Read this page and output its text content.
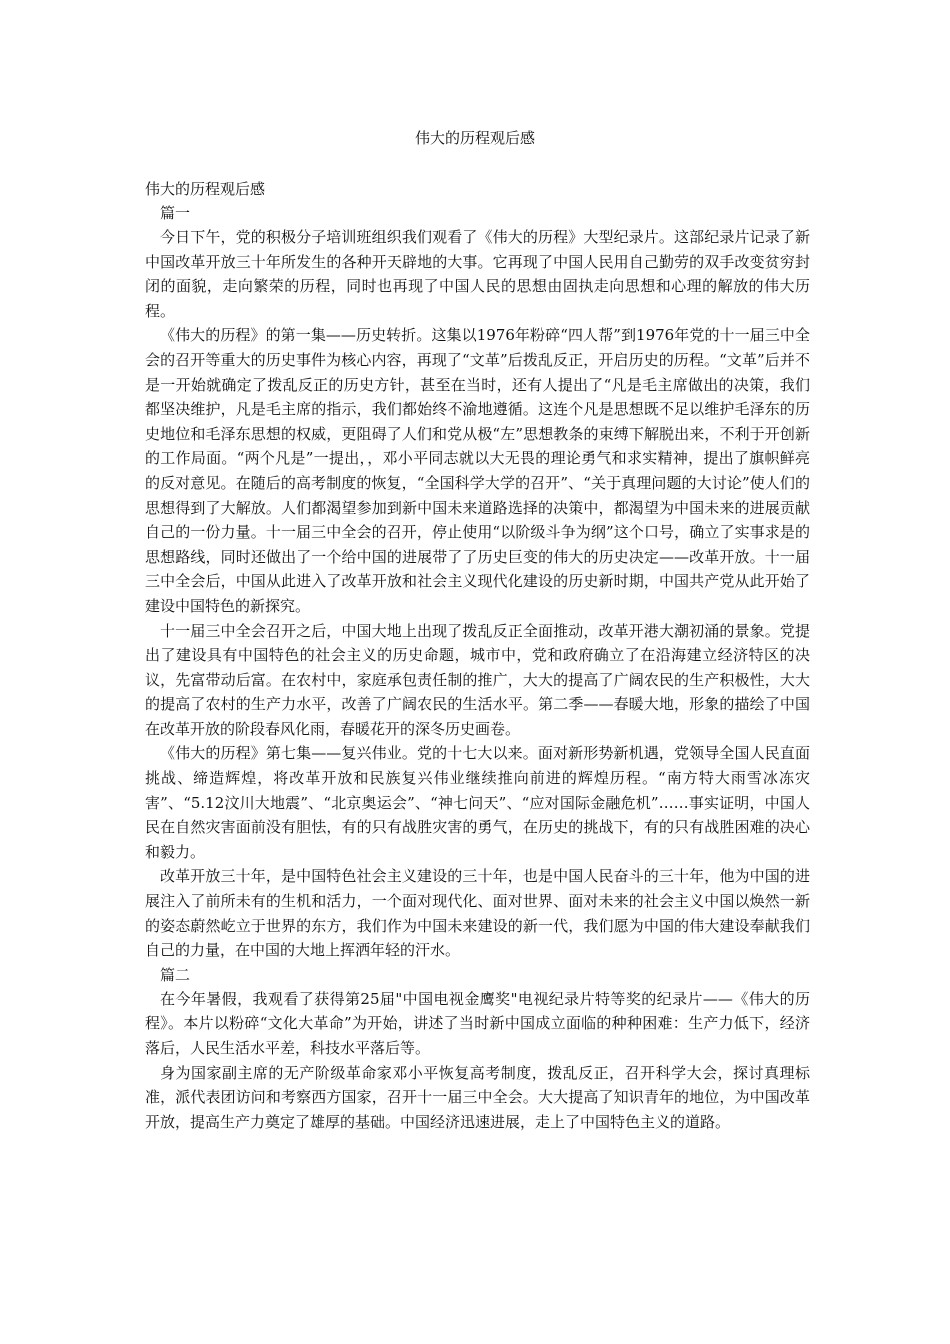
伟大的历程观后感

伟大的历程观后感

篇一

今日下午，党的积极分子培训班组织我们观看了《伟大的历程》大型纪录片。这部纪录片记录了新中国改革开放三十年所发生的各种开天辟地的大事。它再现了中国人民用自己勤劳的双手改变贫穷封闭的面貌，走向繁荣的历程，同时也再现了中国人民的思想由固执走向思想和心理的解放的伟大历程。

《伟大的历程》的第一集——历史转折。这集以1976年粉碎“四人帮”到1976年党的十一届三中全会的召开等重大的历史事件为核心内容，再现了“文革”后拨乱反正，开启历史的历程。“文革”后并不是一开始就确定了拨乱反正的历史方针，甚至在当时，还有人提出了“凡是毛主席做出的决策，我们都坚决维护，凡是毛主席的指示，我们都始终不渝地遵循。这连个凡是思想既不足以维护毛泽东的历史地位和毛泽东思想的权威，更阻碍了人们和党从极“左”思想教条的束缚下解脱出来，不利于开创新的工作局面。“两个凡是”一提出，，邓小平同志就以大无畏的理论勇气和求实精神，提出了旗帜鲜亮的反对意见。在随后的高考制度的恢复，“全国科学大学的召开”、“关于真理问题的大讨论”使人们的思想得到了大解放。人们都渴望参加到新中国未来道路选择的决策中，都渴望为中国未来的进展贡献自己的一份力量。十一届三中全会的召开，停止使用“以阶级斗争为纲”这个口号，确立了实事求是的思想路线，同时还做出了一个给中国的进展带了了历史巨变的伟大的历史决定——改革开放。十一届三中全会后，中国从此进入了改革开放和社会主义现代化建设的历史新时期，中国共产党从此开始了建设中国特色的新探究。

十一届三中全会召开之后，中国大地上出现了拨乱反正全面推动，改革开港大潮初涌的景象。党提出了建设具有中国特色的社会主义的历史命题，城市中，党和政府确立了在沿海建立经济特区的决议，先富带动后富。在农村中，家庭承包责任制的推广，大大的提高了广阔农民的生产积极性，大大的提高了农村的生产力水平，改善了广阔农民的生活水平。第二季——春暖大地，形象的描绘了中国在改革开放的阶段春风化雨，春暖花开的深冬历史画卷。

《伟大的历程》第七集——复兴伟业。党的十七大以来。面对新形势新机遇，党领导全国人民直面挑战、缔造辉煌，将改革开放和民族复兴伟业继续推向前进的辉煌历程。“南方特大雨雪冰冻灾害”、“5.12汶川大地震”、“北京奥运会”、“神七问天”、“应对国际金融危机”……事实证明，中国人民在自然灾害面前没有胆怯，有的只有战胜灾害的勇气，在历史的挑战下，有的只有战胜困难的决心和毅力。

改革开放三十年，是中国特色社会主义建设的三十年，也是中国人民奋斗的三十年，他为中国的进展注入了前所未有的生机和活力，一个面对现代化、面对世界、面对未来的社会主义中国以焕然一新的姿态蔚然屹立于世界的东方，我们作为中国未来建设的新一代，我们愿为中国的伟大建设奉献我们自己的力量，在中国的大地上挥洒年轻的汗水。

篇二

在今年暑假，我观看了获得第25届"中国电视金鹰奖"电视纪录片特等奖的纪录片——《伟大的历程》。本片以粉碎“文化大革命”为开始，讲述了当时新中国成立面临的种种困难：生产力低下，经济落后，人民生活水平差，科技水平落后等。

身为国家副主席的无产阶级革命家邓小平恢复高考制度，拨乱反正，召开科学大会，探讨真理标准，派代表团访问和考察西方国家，召开十一届三中全会。大大提高了知识青年的地位，为中国改革开放，提高生产力奠定了雄厚的基础。中国经济迅速进展，走上了中国特色主义的道路。
